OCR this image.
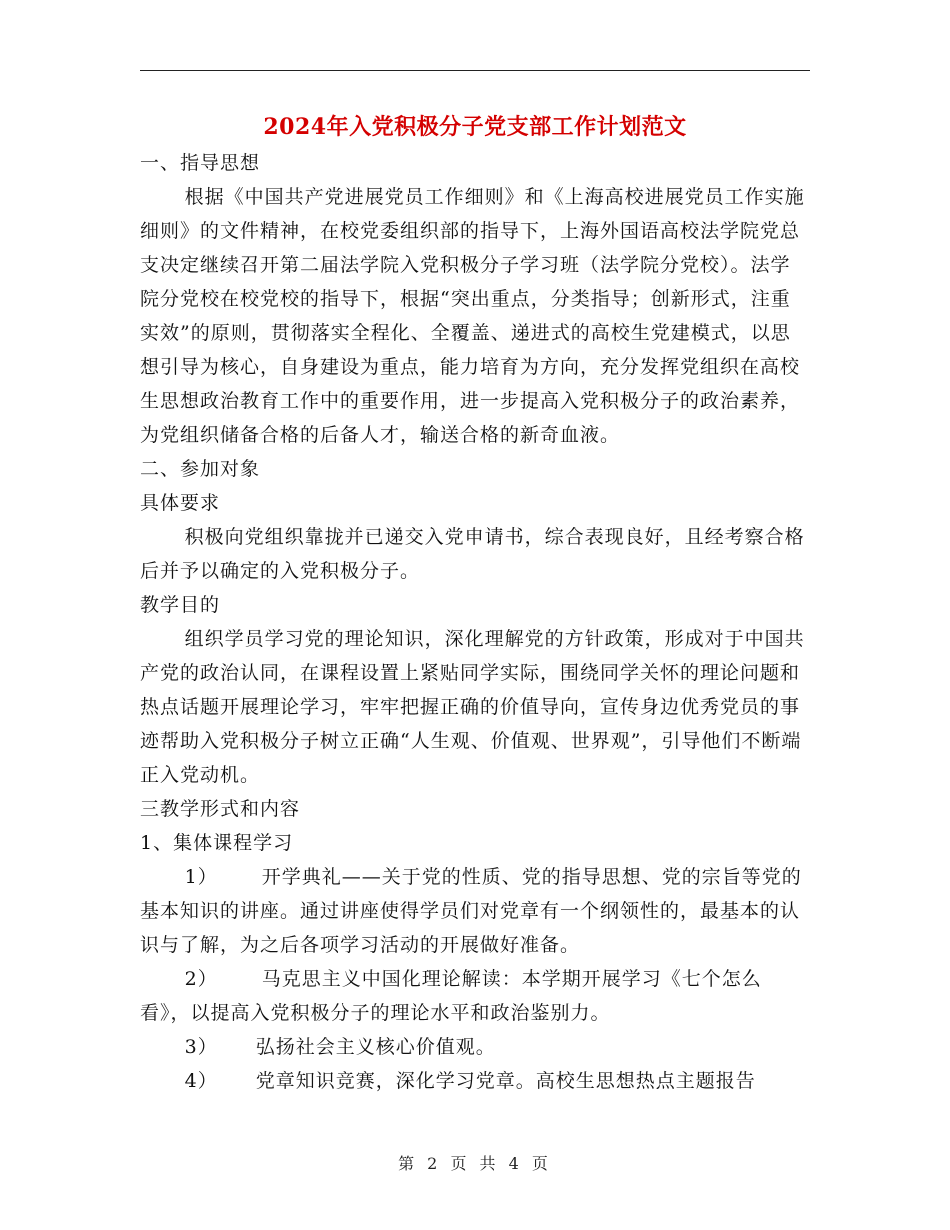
2024年入党积极分子党支部工作计划范文

一、指导思想

根据《中国共产党进展党员工作细则》和《上海高校进展党员工作实施细则》的文件精神，在校党委组织部的指导下，上海外国语高校法学院党总支决定继续召开第二届法学院入党积极分子学习班（法学院分党校）。法学院分党校在校党校的指导下，根据“突出重点，分类指导；创新形式，注重实效”的原则，贯彻落实全程化、全覆盖、递进式的高校生党建模式，以思想引导为核心，自身建设为重点，能力培育为方向，充分发挥党组织在高校生思想政治教育工作中的重要作用，进一步提高入党积极分子的政治素养，为党组织储备合格的后备人才，输送合格的新奇血液。

二、参加对象

具体要求

积极向党组织靠拢并已递交入党申请书，综合表现良好，且经考察合格后并予以确定的入党积极分子。

教学目的

组织学员学习党的理论知识，深化理解党的方针政策，形成对于中国共产党的政治认同，在课程设置上紧贴同学实际，围绕同学关怀的理论问题和热点话题开展理论学习，牢牢把握正确的价值导向，宣传身边优秀党员的事迹帮助入党积极分子树立正确“人生观、价值观、世界观”，引导他们不断端正入党动机。

三教学形式和内容

1、集体课程学习

1） 开学典礼——关于党的性质、党的指导思想、党的宗旨等党的基本知识的讲座。通过讲座使得学员们对党章有一个纲领性的，最基本的认识与了解，为之后各项学习活动的开展做好准备。

2） 马克思主义中国化理论解读：本学期开展学习《七个怎么看》，以提高入党积极分子的理论水平和政治鉴别力。

3） 弘扬社会主义核心价值观。

4） 党章知识竞赛，深化学习党章。高校生思想热点主题报告

第 2 页 共 4 页
